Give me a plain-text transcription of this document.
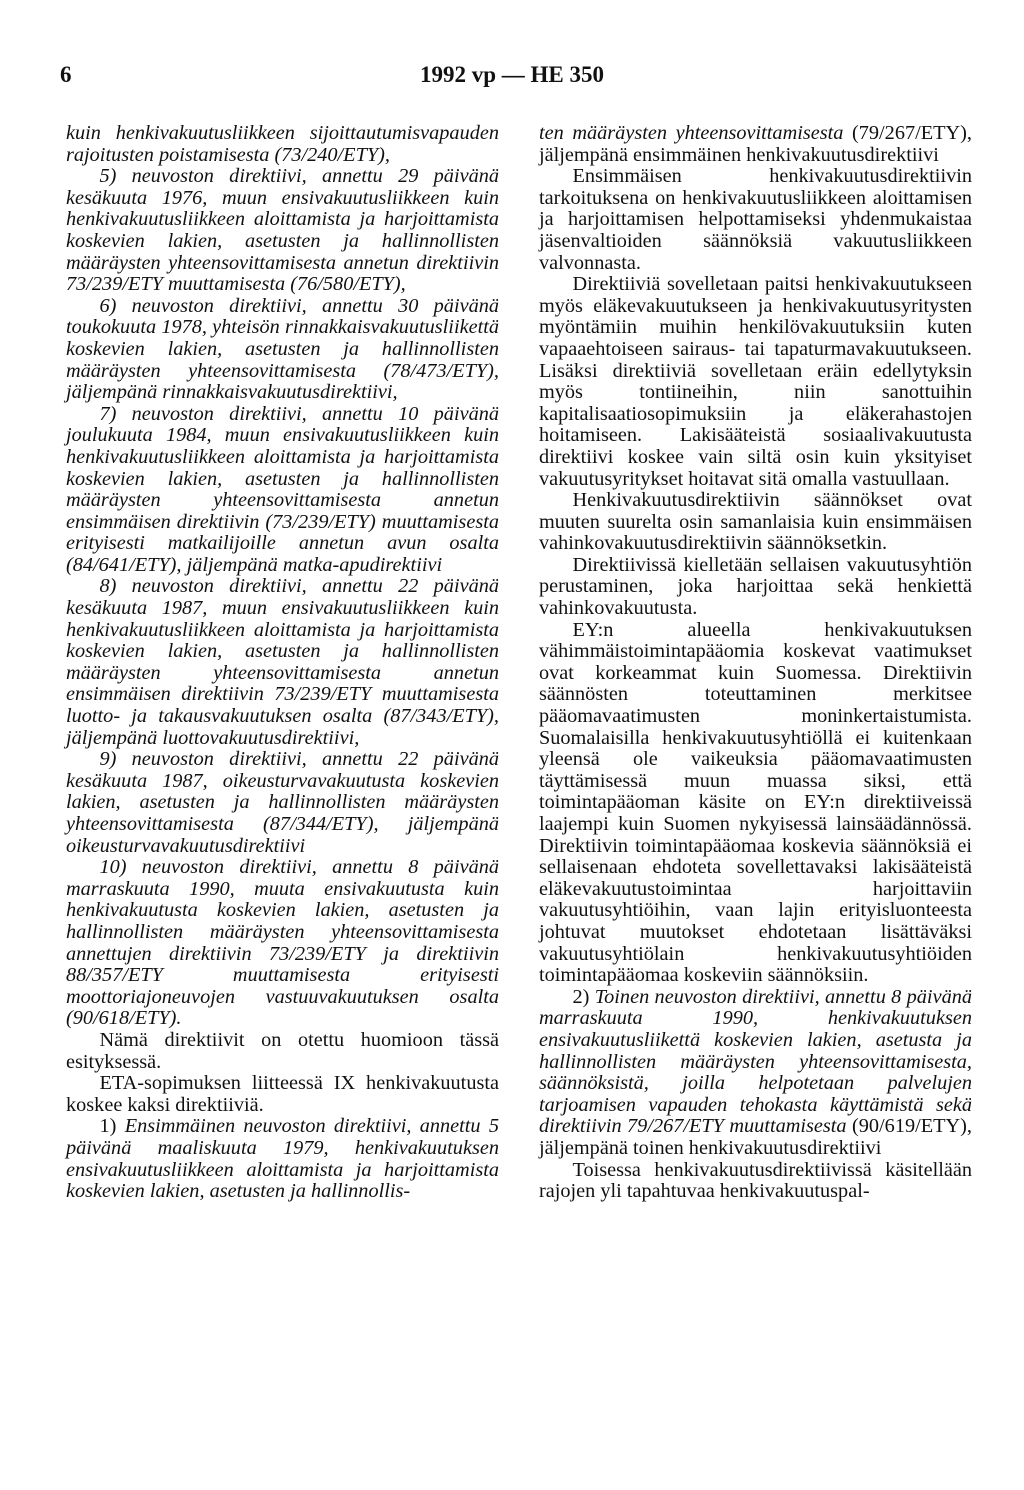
6	1992 vp — HE 350

kuin henkivakuutusliikkeen sijoittautumisvapauden rajoitusten poistamisesta (73/240/ETY),

5) neuvoston direktiivi, annettu 29 päivänä kesäkuuta 1976, muun ensivakuutusliikkeen kuin henkivakuutusliikkeen aloittamista ja harjoittamista koskevien lakien, asetusten ja hallinnollisten määräysten yhteensovittamisesta annetun direktiivin 73/239/ETY muuttamisesta (76/580/ETY),

6) neuvoston direktiivi, annettu 30 päivänä toukokuuta 1978, yhteisön rinnakkaisvakuutusliikettä koskevien lakien, asetusten ja hallinnollisten määräysten yhteensovittamisesta (78/473/ETY), jäljempänä rinnakkaisvakuutusdirektiivi,

7) neuvoston direktiivi, annettu 10 päivänä joulukuuta 1984, muun ensivakuutusliikkeen kuin henkivakuutusliikkeen aloittamista ja harjoittamista koskevien lakien, asetusten ja hallinnollisten määräysten yhteensovittamisesta annetun ensimmäisen direktiivin (73/239/ETY) muuttamisesta erityisesti matkailijoille annetun avun osalta (84/641/ETY), jäljempänä matka-apudirektiivi

8) neuvoston direktiivi, annettu 22 päivänä kesäkuuta 1987, muun ensivakuutusliikkeen kuin henkivakuutusliikkeen aloittamista ja harjoittamista koskevien lakien, asetusten ja hallinnollisten määräysten yhteensovittamisesta annetun ensimmäisen direktiivin 73/239/ETY muuttamisesta luotto- ja takausvakuutuksen osalta (87/343/ETY), jäljempänä luottovakuutusdirektiivi,

9) neuvoston direktiivi, annettu 22 päivänä kesäkuuta 1987, oikeusturvavakuutusta koskevien lakien, asetusten ja hallinnollisten määräysten yhteensovittamisesta (87/344/ETY), jäljempänä oikeusturvavakuutusdirektiivi

10) neuvoston direktiivi, annettu 8 päivänä marraskuuta 1990, muuta ensivakuutusta kuin henkivakuutusta koskevien lakien, asetusten ja hallinnollisten määräysten yhteensovittamisesta annettujen direktiivin 73/239/ETY ja direktiivin 88/357/ETY muuttamisesta erityisesti moottoriajoneuvojen vastuuvakuutuksen osalta (90/618/ETY).

Nämä direktiivit on otettu huomioon tässä esityksessä.

ETA-sopimuksen liitteessä IX henkivakuutusta koskee kaksi direktiiviä.

1) Ensimmäinen neuvoston direktiivi, annettu 5 päivänä maaliskuuta 1979, henkivakuutuksen ensivakuutusliikkeen aloittamista ja harjoittamista koskevien lakien, asetusten ja hallinnollis-

ten määräysten yhteensovittamisesta (79/267/ETY), jäljempänä ensimmäinen henkivakuutusdirektiivi

Ensimmäisen henkivakuutusdirektiivin tarkoituksena on henkivakuutusliikkeen aloittamisen ja harjoittamisen helpottamiseksi yhdenmukaistaa jäsenvaltioiden säännöksiä vakuutusliikkeen valvonnasta.

Direktiiviä sovelletaan paitsi henkivakuutukseen myös eläkevakuutukseen ja henkivakuutusyritysten myöntämiin muihin henkilövakuutuksiin kuten vapaaehtoiseen sairaus- tai tapaturmavakuutukseen. Lisäksi direktiiviä sovelletaan eräin edellytyksin myös tontiineihin, niin sanottuihin kapitalisaatiosopimuksiin ja eläkerahastojen hoitamiseen. Lakisääteistä sosiaalivakuutusta direktiivi koskee vain siltä osin kuin yksityiset vakuutusyritykset hoitavat sitä omalla vastuullaan.

Henkivakuutusdirektiivin säännökset ovat muuten suurelta osin samanlaisia kuin ensimmäisen vahinkovakuutusdirektiivin säännöksetkin.

Direktiivissä kielletään sellaisen vakuutusyhtiön perustaminen, joka harjoittaa sekä henkiettä vahinkovakuutusta.

EY:n alueella henkivakuutuksen vähimmäistoimintapääomia koskevat vaatimukset ovat korkeammat kuin Suomessa. Direktiivin säännösten toteuttaminen merkitsee pääomavaatimusten moninkertaistumista. Suomalaisilla henkivakuutusyhtiöllä ei kuitenkaan yleensä ole vaikeuksia pääomavaatimusten täyttämisessä muun muassa siksi, että toimintapääoman käsite on EY:n direktiiveissä laajempi kuin Suomen nykyisessä lainsäädännössä. Direktiivin toimintapääomaa koskevia säännöksiä ei sellaisenaan ehdoteta sovellettavaksi lakisääteistä eläkevakuutustoimintaa harjoittaviin vakuutusyhtiöihin, vaan lajin erityisluonteesta johtuvat muutokset ehdotetaan lisättäväksi vakuutusyhtiölain henkivakuutusyhtiöiden toimintapääomaa koskeviin säännöksiin.

2) Toinen neuvoston direktiivi, annettu 8 päivänä marraskuuta 1990, henkivakuutuksen ensivakuutusliikettä koskevien lakien, asetusta ja hallinnollisten määräysten yhteensovittamisesta, säännöksistä, joilla helpotetaan palvelujen tarjoamisen vapauden tehokasta käyttämistä sekä direktiivin 79/267/ETY muuttamisesta (90/619/ETY), jäljempänä toinen henkivakuutusdirektiivi

Toisessa henkivakuutusdirektiivissä käsitellään rajojen yli tapahtuvaa henkivakuutuspal-
